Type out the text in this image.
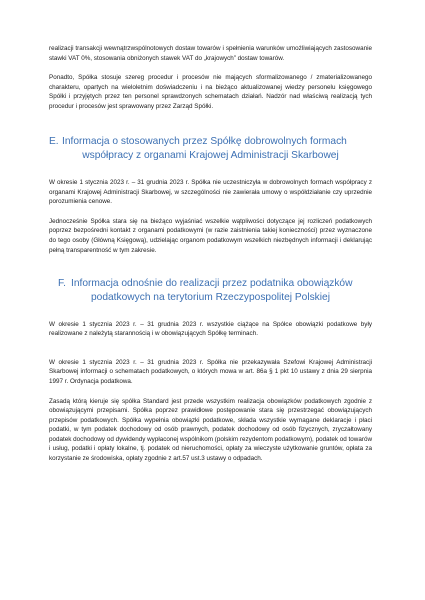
realizacji transakcji wewnątrzwspólnotowych dostaw towarów i spełnienia warunków umożliwiających zastosowanie stawki VAT 0%, stosowania obniżonych stawek VAT do „krajowych” dostaw towarów.

Ponadto, Spółka stosuje szereg procedur i procesów nie mających sformalizowanego / zmaterializowanego charakteru, opartych na wieloletnim doświadczeniu i na bieżąco aktualizowanej wiedzy personelu księgowego Spółki i przyjętych przez ten personel sprawdzonych schematach działań. Nadzór nad właściwą realizacją tych procedur i procesów jest sprawowany przez Zarząd Spółki.

E. Informacja o stosowanych przez Spółkę dobrowolnych formach
współpracy z organami Krajowej Administracji Skarbowej

W okresie 1 stycznia 2023 r. – 31 grudnia 2023 r. Spółka nie uczestniczyła w dobrowolnych formach współpracy z organami Krajowej Administracji Skarbowej, w szczególności nie zawierała umowy o współdziałanie czy uprzednie porozumienia cenowe.

Jednocześnie Spółka stara się na bieżąco wyjaśniać wszelkie wątpliwości dotyczące jej rozliczeń podatkowych poprzez bezpośredni kontakt z organami podatkowymi (w razie zaistnienia takiej konieczności) przez wyznaczone do tego osoby (Główną Księgową), udzielając organom podatkowym wszelkich niezbędnych informacji i deklarując pełną transparentność w tym zakresie.

F. Informacja odnośnie do realizacji przez podatnika obowiązków
podatkowych na terytorium Rzeczypospolitej Polskiej

W okresie 1 stycznia 2023 r. – 31 grudnia 2023 r. wszystkie ciążące na Spółce obowiązki podatkowe były realizowane z należytą starannością i w obowiązujących Spółkę terminach.

W okresie 1 stycznia 2023 r. – 31 grudnia 2023 r. Spółka nie przekazywała Szefowi Krajowej Administracji Skarbowej informacji o schematach podatkowych, o których mowa w art. 86a § 1 pkt 10 ustawy z dnia 29 sierpnia 1997 r. Ordynacja podatkowa.

Zasadą którą kieruje się spółka Standard jest przede wszystkim realizacja obowiązków podatkowych zgodnie z obowiązującymi przepisami. Spółka poprzez prawidłowe postępowanie stara się przestrzegać obowiązujących przepisów podatkowych. Spółka wypełnia obowiązki podatkowe, składa wszystkie wymagane deklaracje i płaci podatki, w tym podatek dochodowy od osób prawnych, podatek dochodowy od osób fizycznych, zryczałtowany podatek dochodowy od dywidendy wypłaconej wspólnikom (polskim rezydentom podatkowym), podatek od towarów i usług, podatki i opłaty lokalne, tj. podatek od nieruchomości, opłaty za wieczyste użytkowanie gruntów, opłata za korzystanie ze środowiska, opłaty zgodnie z art.57 ust.3 ustawy o odpadach.
